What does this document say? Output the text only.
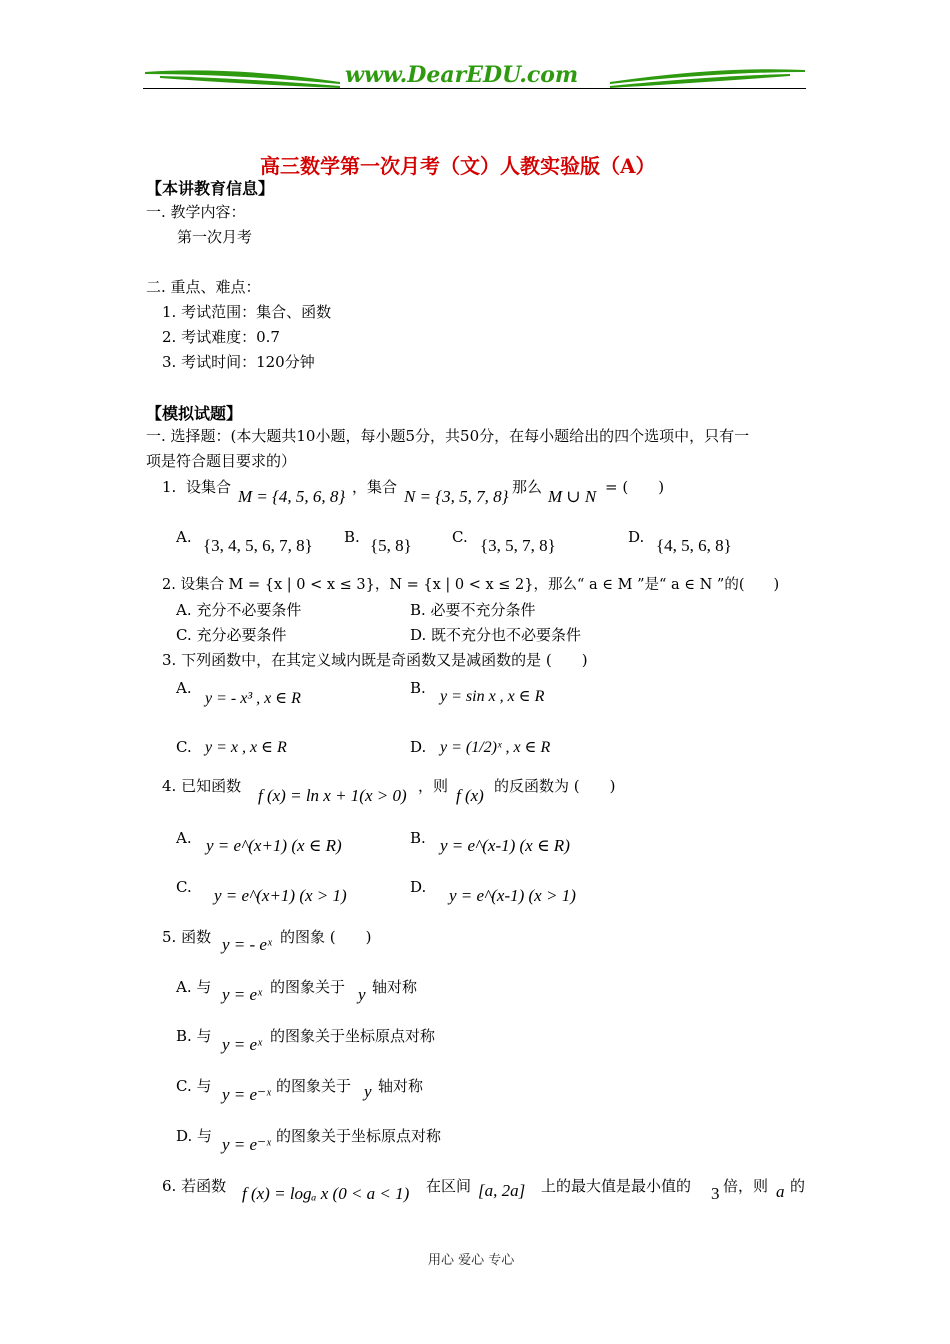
www.DearEDU.com
高三数学第一次月考（文）人教实验版（A）
【本讲教育信息】
一. 教学内容：
第一次月考
二. 重点、难点：
1. 考试范围：集合、函数
2. 考试难度：0.7
3. 考试时间：120分钟
【模拟试题】
一. 选择题：(本大题共10小题，每小题5分，共50分，在每小题给出的四个选项中，只有一
项是符合题目要求的）
1. 设集合 M = {4, 5, 6, 8} ，集合 N = {3, 5, 7, 8} 那么 M ∪ N = (　　)
A. {3, 4, 5, 6, 7, 8} B. {5, 8}	C. {3, 5, 7, 8}	D. {4, 5, 6, 8}
2. 设集合 M = {x | 0 < x ≤ 3}，N = {x | 0 < x ≤ 2}，那么“ a ∈ M ”是“ a ∈ N ”的(　　)
A. 充分不必要条件	B. 必要不充分条件
C. 充分必要条件	D. 既不充分也不必要条件
3. 下列函数中，在其定义域内既是奇函数又是减函数的是 (　　)
A.
y = - x³ , x ∈ R
B. y = sin x , x ∈ R
C. y = x , x ∈ R	D. y = (1/2)ˣ , x ∈ R
4. 已知函数 f (x) = ln x + 1(x > 0) ，则 f (x) 的反函数为 (　　)
A. y = e^(x+1) (x ∈ R)	B. y = e^(x-1) (x ∈ R)
C. y = e^(x+1) (x > 1)	D. y = e^(x-1) (x > 1)
5. 函数 y = - eˣ 的图象 (　　)
A. 与 y = eˣ 的图象关于 y 轴对称
B. 与 y = eˣ 的图象关于坐标原点对称
C. 与 y = e⁻ˣ 的图象关于 y 轴对称
D. 与 y = e⁻ˣ 的图象关于坐标原点对称
6. 若函数 f (x) = logₐ x (0 < a < 1) 在区间 [a, 2a] 上的最大值是最小值的 3 倍，则 a 的
用心 爱心 专心
